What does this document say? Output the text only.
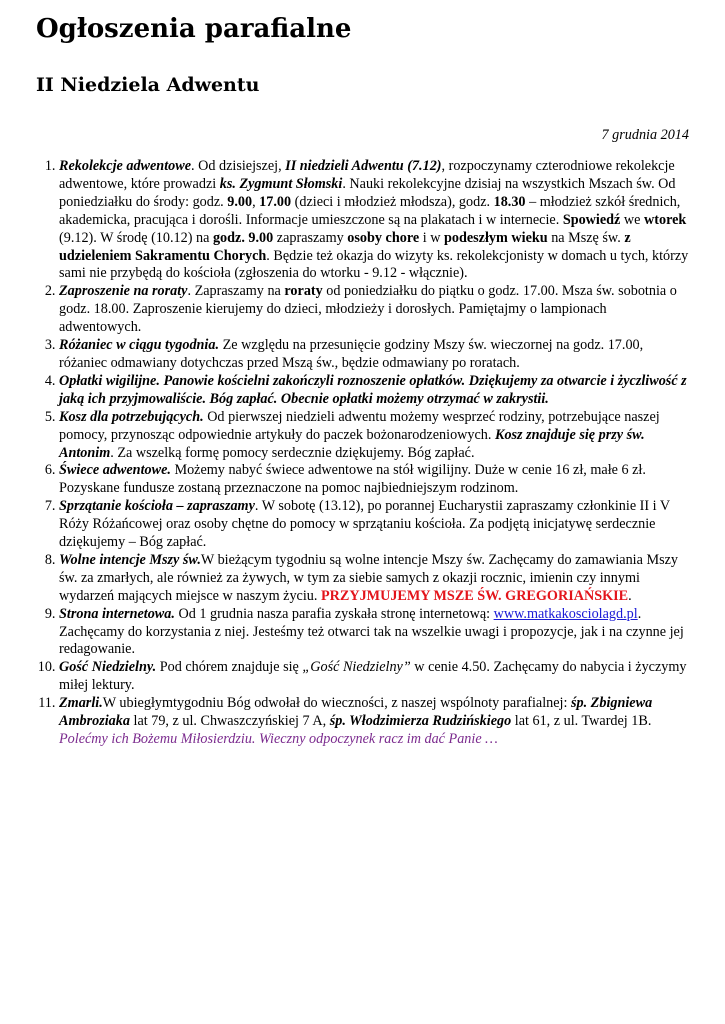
Ogłoszenia parafialne
II Niedziela Adwentu
7 grudnia 2014
1. Rekolekcje adwentowe. Od dzisiejszej, II niedzieli Adwentu (7.12), rozpoczynamy czterodniowe rekolekcje adwentowe, które prowadzi ks. Zygmunt Słomski. Nauki rekolekcyjne dzisiaj na wszystkich Mszach św. Od poniedziałku do środy: godz. 9.00, 17.00 (dzieci i młodzież młodsza), godz. 18.30 – młodzież szkół średnich, akademicka, pracująca i dorośli. Informacje umieszczone są na plakatach i w internecie. Spowiedź we wtorek (9.12). W środę (10.12) na godz. 9.00 zapraszamy osoby chore i w podeszłym wieku na Mszę św. z udzieleniem Sakramentu Chorych. Będzie też okazja do wizyty ks. rekolekcjonisty w domach u tych, którzy sami nie przybędą do kościoła (zgłoszenia do wtorku - 9.12 - włącznie).
2. Zaproszenie na roraty. Zapraszamy na roraty od poniedziałku do piątku o godz. 17.00. Msza św. sobotnia o godz. 18.00. Zaproszenie kierujemy do dzieci, młodzieży i dorosłych. Pamiętajmy o lampionach adwentowych.
3. Różaniec w ciągu tygodnia. Ze względu na przesunięcie godziny Mszy św. wieczornej na godz. 17.00, różaniec odmawiany dotychczas przed Mszą św., będzie odmawiany po roratach.
4. Opłatki wigilijne. Panowie kościelni zakończyli roznoszenie opłatków. Dziękujemy za otwarcie i życzliwość z jaką ich przyjmowaliście. Bóg zapłać. Obecnie opłatki możemy otrzymać w zakrystii.
5. Kosz dla potrzebujących. Od pierwszej niedzieli adwentu możemy wesprzeć rodziny, potrzebujące naszej pomocy, przynosząc odpowiednie artykuły do paczek bożonarodzeniowych. Kosz znajduje się przy św. Antonim. Za wszelką formę pomocy serdecznie dziękujemy. Bóg zapłać.
6. Świece adwentowe. Możemy nabyć świece adwentowe na stół wigilijny. Duże w cenie 16 zł, małe 6 zł. Pozyskane fundusze zostaną przeznaczone na pomoc najbiedniejszym rodzinom.
7. Sprzątanie kościoła – zapraszamy. W sobotę (13.12), po porannej Eucharystii zapraszamy członkinie II i V Róży Różańcowej oraz osoby chętne do pomocy w sprzątaniu kościoła. Za podjętą inicjatywę serdecznie dziękujemy – Bóg zapłać.
8. Wolne intencje Mszy św.W bieżącym tygodniu są wolne intencje Mszy św. Zachęcamy do zamawiania Mszy św. za zmarłych, ale również za żywych, w tym za siebie samych z okazji rocznic, imienin czy innymi wydarzeń mających miejsce w naszym życiu. PRZYJMUJEMY MSZE ŚW. GREGORIAŃSKIE.
9. Strona internetowa. Od 1 grudnia nasza parafia zyskała stronę internetową: www.matkakosciolagd.pl. Zachęcamy do korzystania z niej. Jesteśmy też otwarci tak na wszelkie uwagi i propozycje, jak i na czynne jej redagowanie.
10. Gość Niedzielny. Pod chórem znajduje się „Gość Niedzielny” w cenie 4.50. Zachęcamy do nabycia i życzymy miłej lektury.
11. Zmarli.W ubiegłymtygodniu Bóg odwołał do wieczności, z naszej wspólnoty parafialnej: śp. Zbigniewa Ambroziaka lat 79, z ul. Chwaszczyńskiej 7 A, śp. Włodzimierza Rudzińskiego lat 61, z ul. Twardej 1B. Polećmy ich Bożemu Miłosierdziu. Wieczny odpoczynek racz im dać Panie …
